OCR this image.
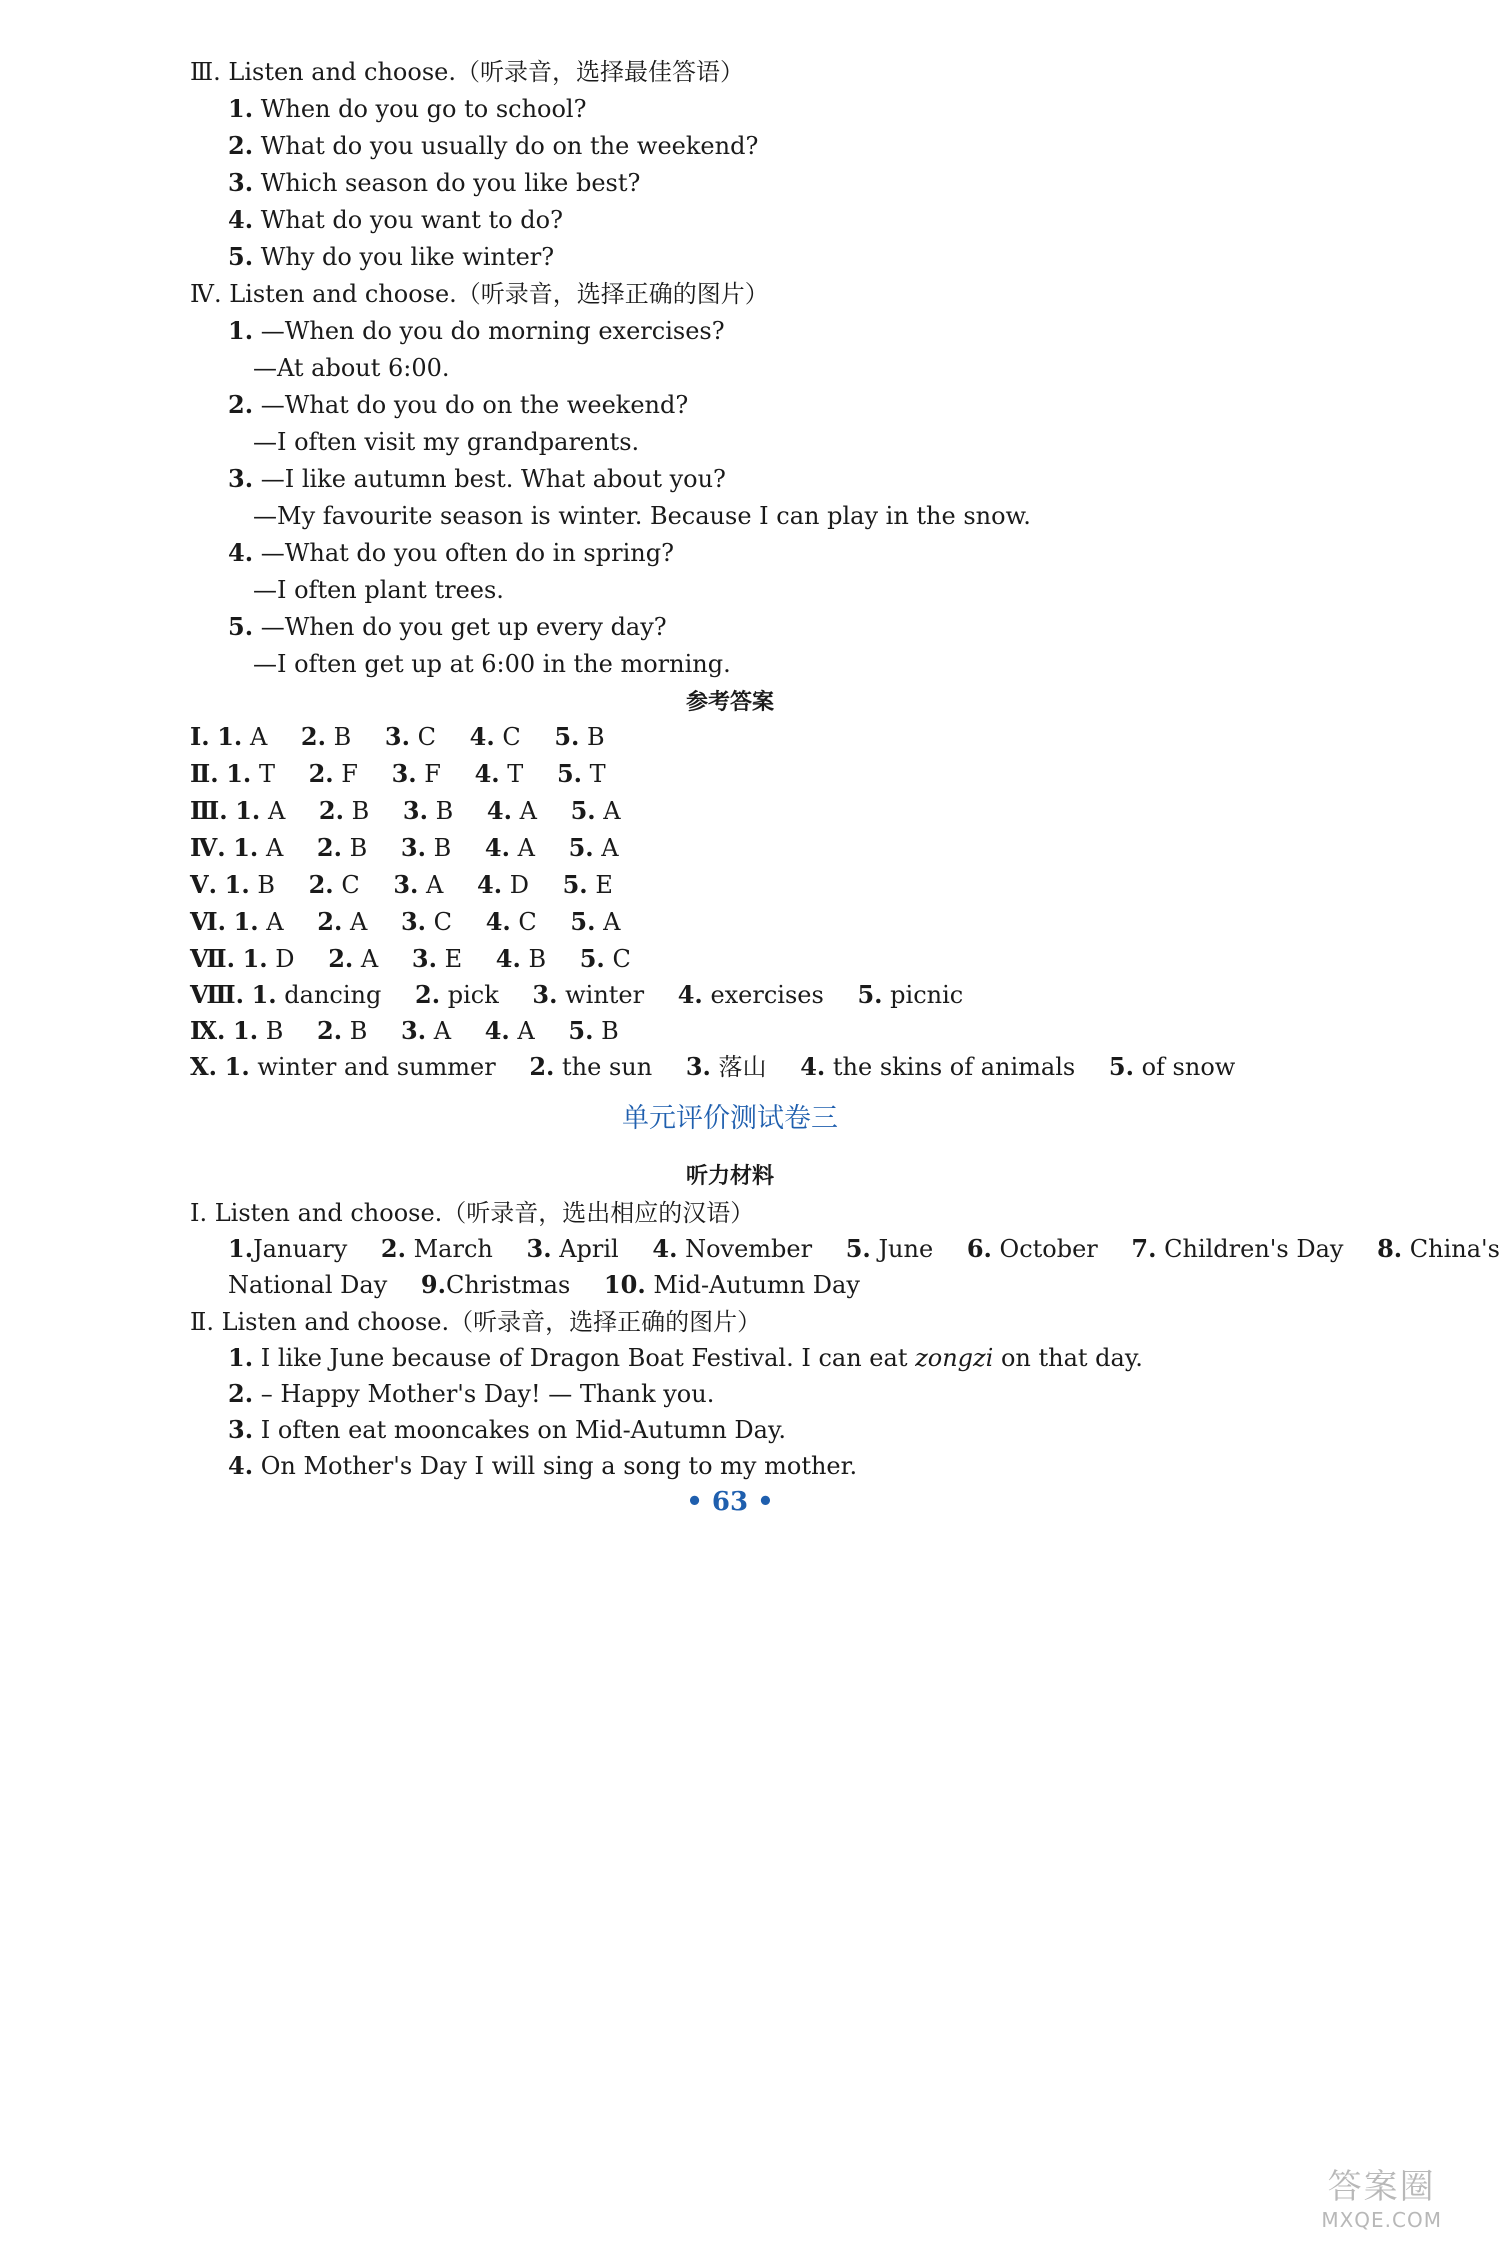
Ⅲ. Listen and choose.（听录音，选择最佳答语）
1. When do you go to school?
2. What do you usually do on the weekend?
3. Which season do you like best?
4. What do you want to do?
5. Why do you like winter?
Ⅳ. Listen and choose.（听录音，选择正确的图片）
1. —When do you do morning exercises?
—At about 6:00.
2. —What do you do on the weekend?
—I often visit my grandparents.
3. —I like autumn best. What about you?
—My favourite season is winter. Because I can play in the snow.
4. —What do you often do in spring?
—I often plant trees.
5. —When do you get up every day?
—I often get up at 6:00 in the morning.
参考答案
Ⅰ. 1. A 2. B 3. C 4. C 5. B
Ⅱ. 1. T 2. F 3. F 4. T 5. T
Ⅲ. 1. A 2. B 3. B 4. A 5. A
Ⅳ. 1. A 2. B 3. B 4. A 5. A
Ⅴ. 1. B 2. C 3. A 4. D 5. E
Ⅵ. 1. A 2. A 3. C 4. C 5. A
Ⅶ. 1. D 2. A 3. E 4. B 5. C
Ⅷ. 1. dancing 2. pick 3. winter 4. exercises 5. picnic
Ⅸ. 1. B 2. B 3. A 4. A 5. B
Ⅹ. 1. winter and summer 2. the sun 3. 落山 4. the skins of animals 5. of snow
单元评价测试卷三
听力材料
Ⅰ. Listen and choose.（听录音，选出相应的汉语）
1.January 2. March 3. April 4. November 5. June 6. October 7. Children's Day 8. China's
National Day 9.Christmas 10. Mid-Autumn Day
Ⅱ. Listen and choose.（听录音，选择正确的图片）
1. I like June because of Dragon Boat Festival. I can eat zongzi on that day.
2. – Happy Mother's Day! — Thank you.
3. I often eat mooncakes on Mid-Autumn Day.
4. On Mother's Day I will sing a song to my mother.
• 63 •
答案圈
MXQE.COM
